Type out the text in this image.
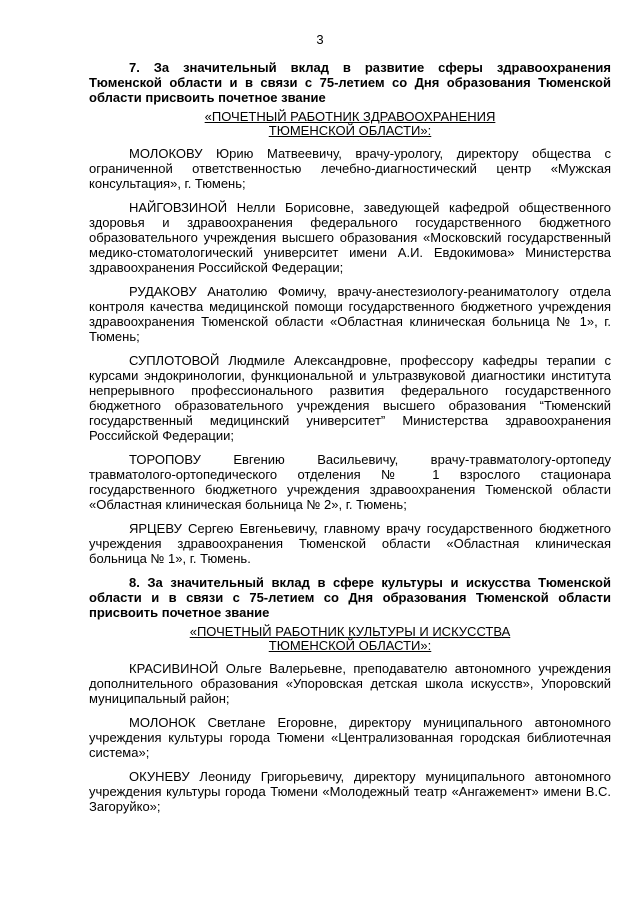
3

7. За значительный вклад в развитие сферы здравоохранения Тюменской области и в связи с 75-летием со Дня образования Тюменской области присвоить почетное звание

«ПОЧЕТНЫЙ РАБОТНИК ЗДРАВООХРАНЕНИЯ
ТЮМЕНСКОЙ ОБЛАСТИ»:

МОЛОКОВУ Юрию Матвеевичу, врачу-урологу, директору общества с ограниченной ответственностью лечебно-диагностический центр «Мужская консультация», г. Тюмень;

НАЙГОВЗИНОЙ Нелли Борисовне, заведующей кафедрой общественного здоровья и здравоохранения федерального государственного бюджетного образовательного учреждения высшего образования «Московский государственный медико-стоматологический университет имени А.И. Евдокимова» Министерства здравоохранения Российской Федерации;

РУДАКОВУ Анатолию Фомичу, врачу-анестезиологу-реаниматологу отдела контроля качества медицинской помощи государственного бюджетного учреждения здравоохранения Тюменской области «Областная клиническая больница № 1», г. Тюмень;

СУПЛОТОВОЙ Людмиле Александровне, профессору кафедры терапии с курсами эндокринологии, функциональной и ультразвуковой диагностики института непрерывного профессионального развития федерального государственного бюджетного образовательного учреждения высшего образования “Тюменский государственный медицинский университет” Министерства здравоохранения Российской Федерации;

ТОРОПОВУ Евгению Васильевичу, врачу-травматологу-ортопеду травматолого-ортопедического отделения № 1 взрослого стационара государственного бюджетного учреждения здравоохранения Тюменской области «Областная клиническая больница № 2», г. Тюмень;

ЯРЦЕВУ Сергею Евгеньевичу, главному врачу государственного бюджетного учреждения здравоохранения Тюменской области «Областная клиническая больница № 1», г. Тюмень.

8. За значительный вклад в сфере культуры и искусства Тюменской области и в связи с 75-летием со Дня образования Тюменской области присвоить почетное звание

«ПОЧЕТНЫЙ РАБОТНИК КУЛЬТУРЫ И ИСКУССТВА
ТЮМЕНСКОЙ ОБЛАСТИ»:

КРАСИВИНОЙ Ольге Валерьевне, преподавателю автономного учреждения дополнительного образования «Упоровская детская школа искусств», Упоровский муниципальный район;

МОЛОНОК Светлане Егоровне, директору муниципального автономного учреждения культуры города Тюмени «Централизованная городская библиотечная система»;

ОКУНЕВУ Леониду Григорьевичу, директору муниципального автономного учреждения культуры города Тюмени «Молодежный театр «Ангажемент» имени В.С. Загоруйко»;
